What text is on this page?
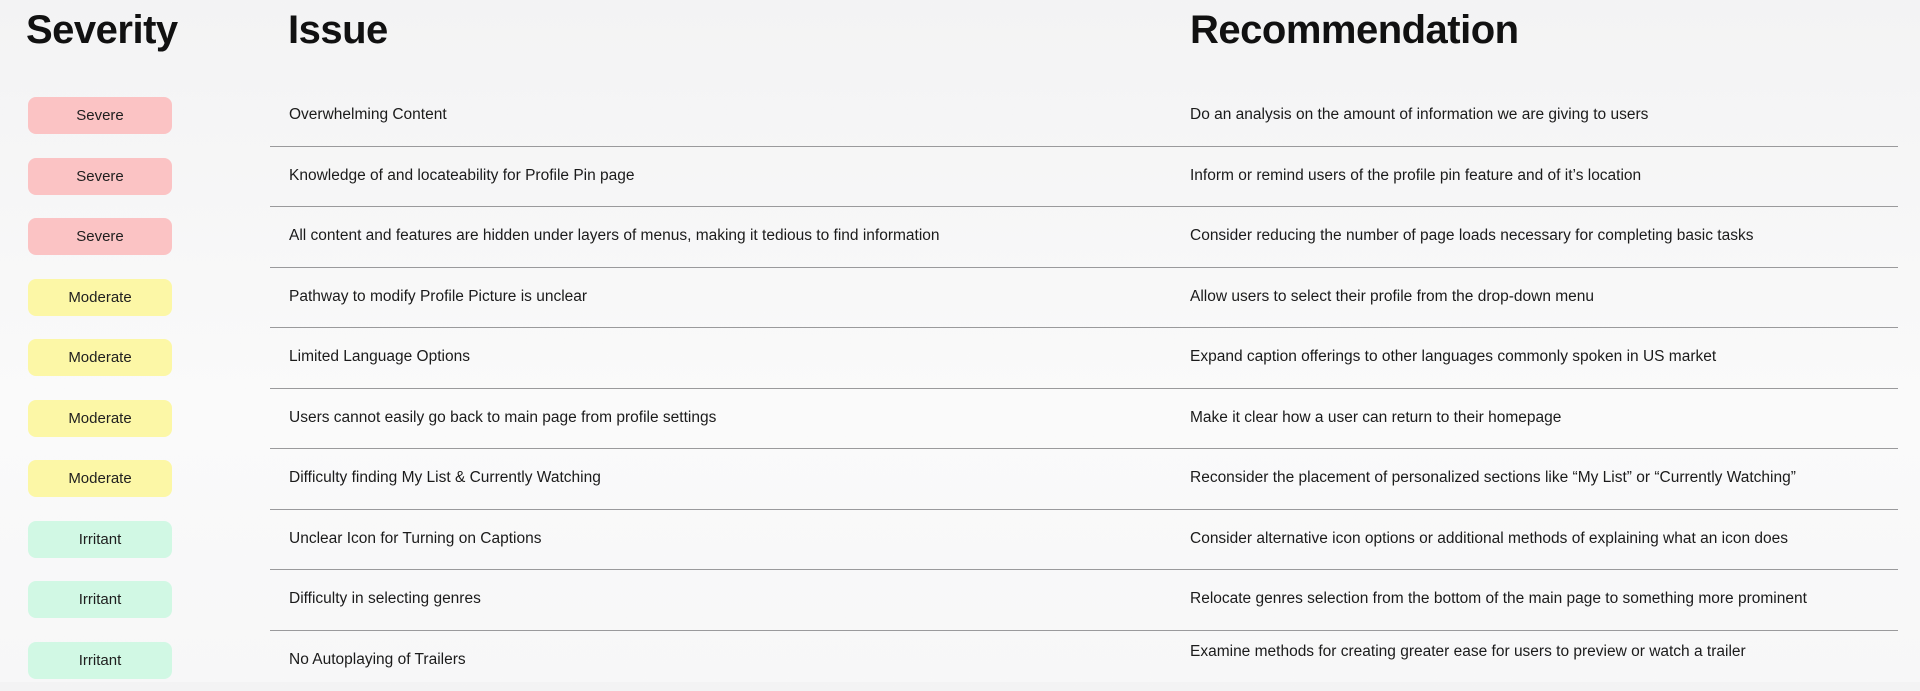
Severity	Issue	Recommendation
Severe	Overwhelming Content	Do an analysis on the amount of information we are giving to users
Severe	Knowledge of and locateability for Profile Pin page	Inform or remind users of the profile pin feature and of it’s location
Severe	All content and features are hidden under layers of menus, making it tedious to find information	Consider reducing the number of page loads necessary for completing basic tasks
Moderate	Pathway to modify Profile Picture is unclear	Allow users to select their profile from the drop-down menu
Moderate	Limited Language Options	Expand caption offerings to other languages commonly spoken in US market
Moderate	Users cannot easily go back to main page from profile settings	Make it clear how a user can return to their homepage
Moderate	Difficulty finding My List & Currently Watching	Reconsider the placement of personalized sections like “My List” or “Currently Watching”
Irritant	Unclear Icon for Turning on Captions	Consider alternative icon options or additional methods of explaining what an icon does
Irritant	Difficulty in selecting genres	Relocate genres selection from the bottom of the main page to something more prominent
Irritant	No Autoplaying of Trailers	Examine methods for creating greater ease for users to preview or watch a trailer
